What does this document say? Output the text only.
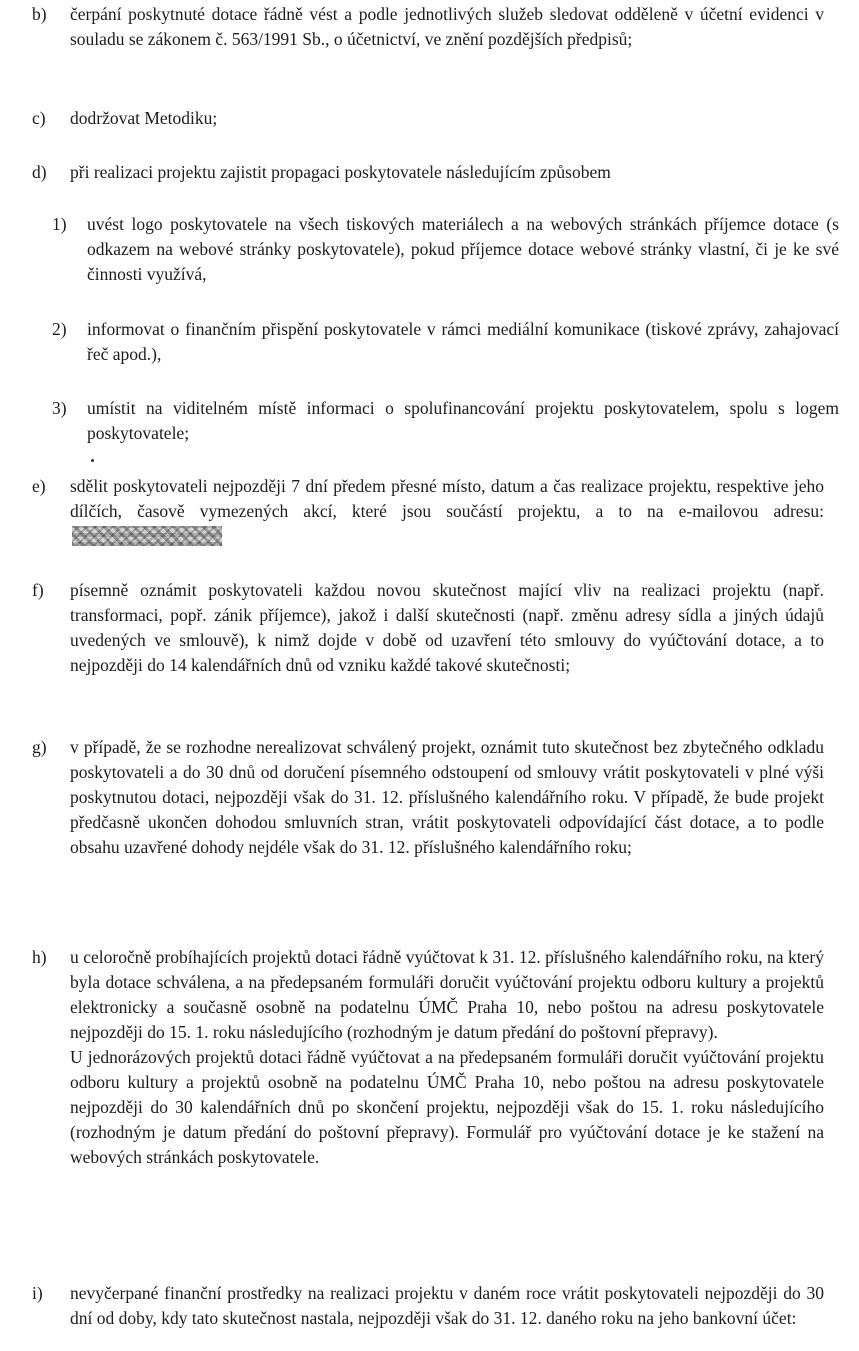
b) čerpání poskytnuté dotace řádně vést a podle jednotlivých služeb sledovat odděleně v účetní evidenci v souladu se zákonem č. 563/1991 Sb., o účetnictví, ve znění pozdějších předpisů;
c) dodržovat Metodiku;
d) při realizaci projektu zajistit propagaci poskytovatele následujícím způsobem
1) uvést logo poskytovatele na všech tiskových materiálech a na webových stránkách příjemce dotace (s odkazem na webové stránky poskytovatele), pokud příjemce dotace webové stránky vlastní, či je ke své činnosti využívá,
2) informovat o finančním přispění poskytovatele v rámci mediální komunikace (tiskové zprávy, zahajovací řeč apod.),
3) umístit na viditelném místě informaci o spolufinancování projektu poskytovatelem, spolu s logem poskytovatele;
e) sdělit poskytovateli nejpozději 7 dní předem přesné místo, datum a čas realizace projektu, respektive jeho dílčích, časově vymezených akcí, které jsou součástí projektu, a to na e-mailovou adresu:
f) písemně oznámit poskytovateli každou novou skutečnost mající vliv na realizaci projektu (např. transformaci, popř. zánik příjemce), jakož i další skutečnosti (např. změnu adresy sídla a jiných údajů uvedených ve smlouvě), k nimž dojde v době od uzavření této smlouvy do vyúčtování dotace, a to nejpozději do 14 kalendářních dnů od vzniku každé takové skutečnosti;
g) v případě, že se rozhodne nerealizovat schválený projekt, oznámit tuto skutečnost bez zbytečného odkladu poskytovateli a do 30 dnů od doručení písemného odstoupení od smlouvy vrátit poskytovateli v plné výši poskytnutou dotaci, nejpozději však do 31. 12. příslušného kalendářního roku. V případě, že bude projekt předčasně ukončen dohodou smluvních stran, vrátit poskytovateli odpovídající část dotace, a to podle obsahu uzavřené dohody nejdéle však do 31. 12. příslušného kalendářního roku;
h) u celoročně probíhajících projektů dotaci řádně vyúčtovat k 31. 12. příslušného kalendářního roku, na který byla dotace schválena, a na předepsaném formuláři doručit vyúčtování projektu odboru kultury a projektů elektronicky a současně osobně na podatelnu ÚMČ Praha 10, nebo poštou na adresu poskytovatele nejpozději do 15. 1. roku následujícího (rozhodným je datum předání do poštovní přepravy).
U jednorázových projektů dotaci řádně vyúčtovat a na předepsaném formuláři doručit vyúčtování projektu odboru kultury a projektů osobně na podatelnu ÚMČ Praha 10, nebo poštou na adresu poskytovatele nejpozději do 30 kalendářních dnů po skončení projektu, nejpozději však do 15. 1. roku následujícího (rozhodným je datum předání do poštovní přepravy). Formulář pro vyúčtování dotace je ke stažení na webových stránkách poskytovatele.
i) nevyčerpané finanční prostředky na realizaci projektu v daném roce vrátit poskytovateli nejpozději do 30 dní od doby, kdy tato skutečnost nastala, nejpozději však do 31. 12. daného roku na jeho bankovní účet:
